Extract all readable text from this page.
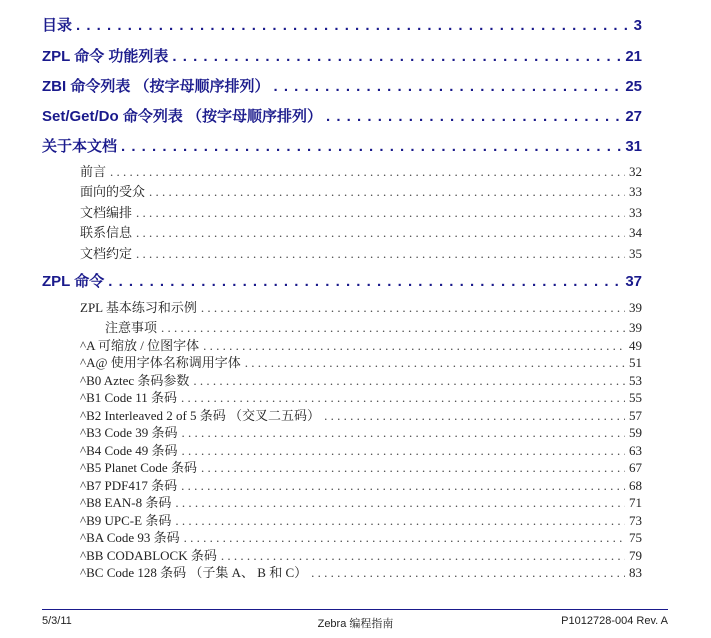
目录 . . .	3
ZPL 命令 功能列表 . . .	21
ZBI 命令列表 （按字母顺序排列） . . .	25
Set/Get/Do 命令列表 （按字母顺序排列） . . .	27
关于本文档 . . .	31
前言 . . .	32
面向的受众 . . .	33
文档编排 . . .	33
联系信息 . . .	34
文档约定 . . .	35
ZPL 命令 . . .	37
ZPL 基本练习和示例 . . .	39
注意事项 . . .	39
^A 可缩放 / 位图字体 . . .	49
^A@ 使用字体名称调用字体 . . .	51
^B0 Aztec 条码参数 . . .	53
^B1 Code 11 条码 . . .	55
^B2 Interleaved 2 of 5 条码 （交叉二五码） . . .	57
^B3 Code 39 条码 . . .	59
^B4 Code 49 条码 . . .	63
^B5 Planet Code 条码 . . .	67
^B7 PDF417 条码 . . .	68
^B8 EAN-8 条码 . . .	71
^B9 UPC-E 条码 . . .	73
^BA Code 93 条码 . . .	75
^BB CODABLOCK 条码 . . .	79
^BC Code 128 条码 （子集 A、 B 和 C） . . .	83
5/3/11	Zebra 编程指南	P1012728-004 Rev. A
